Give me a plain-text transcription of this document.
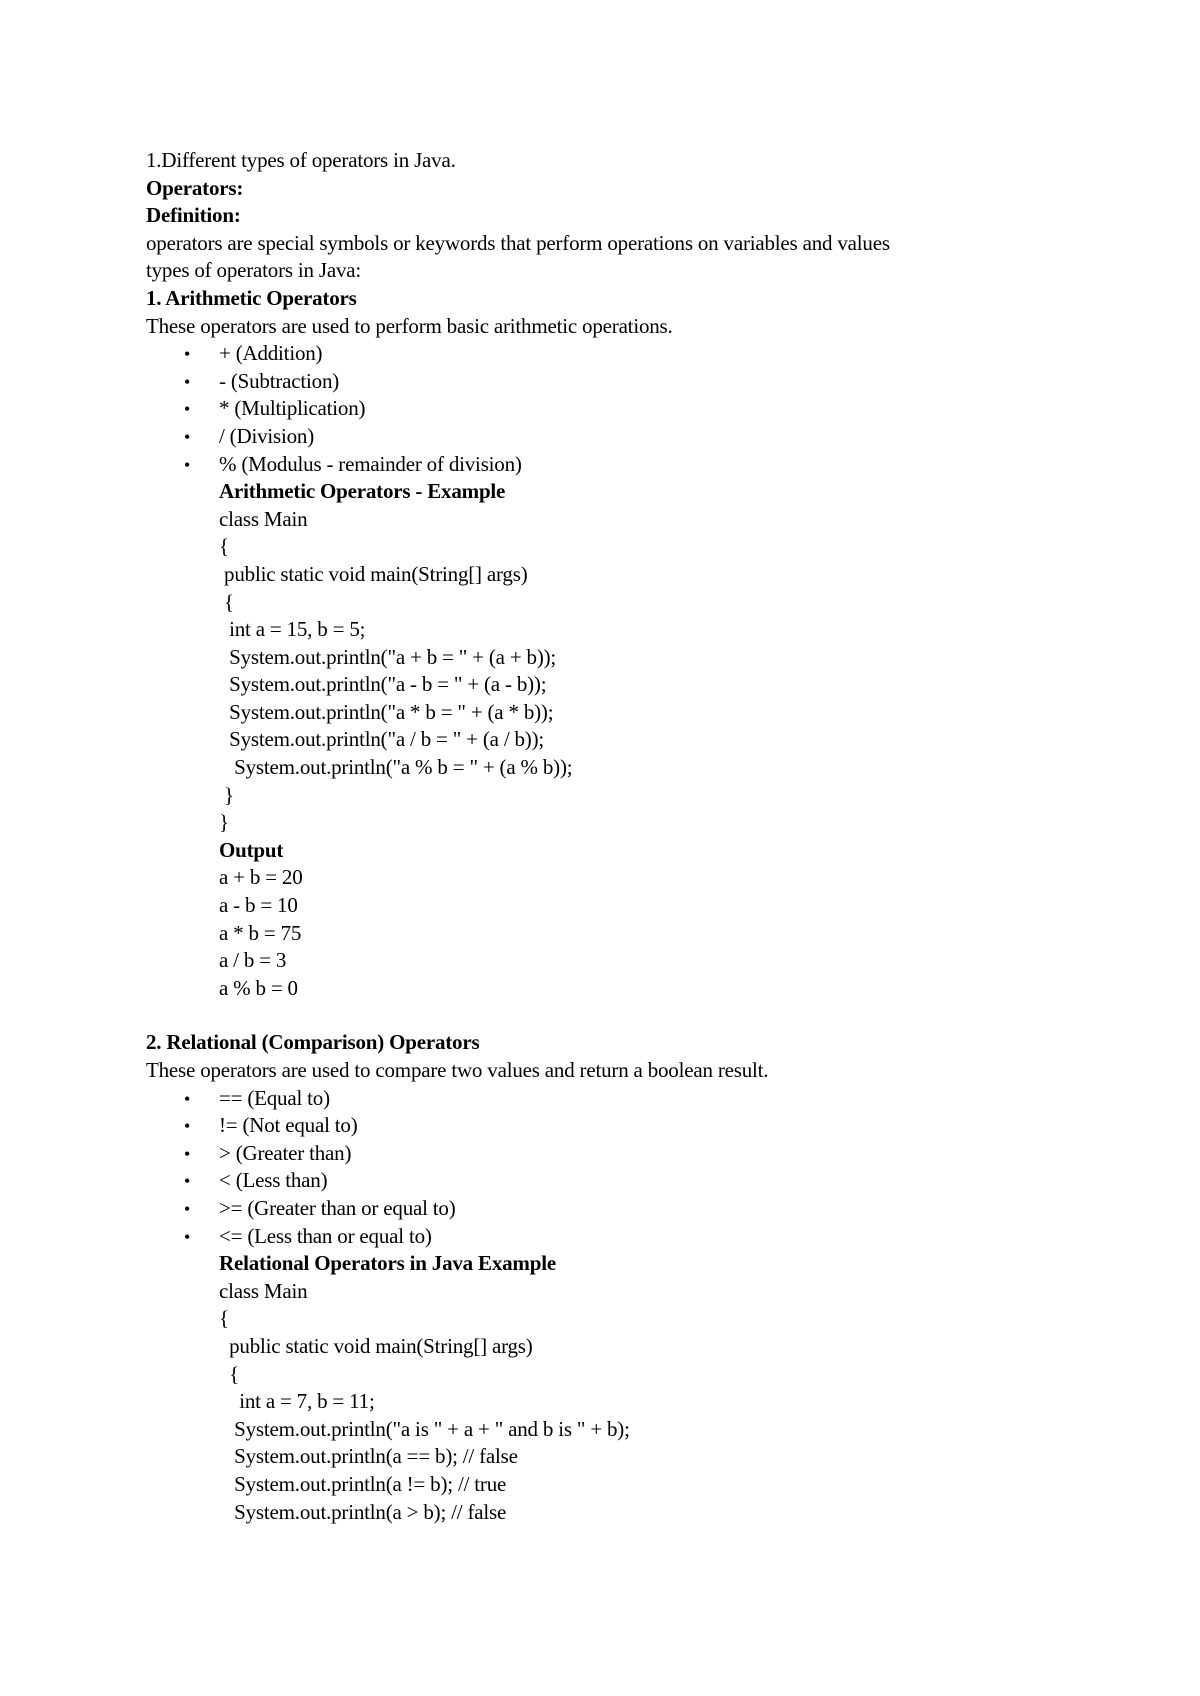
1.Different types of operators in Java.
Operators:
Definition:
operators are special symbols or keywords that perform operations on variables and values
types of operators in Java:
1. Arithmetic Operators
These operators are used to perform basic arithmetic operations.
• + (Addition)
• - (Subtraction)
• * (Multiplication)
• / (Division)
• % (Modulus - remainder of division)
Arithmetic Operators - Example
class Main
{
public static void main(String[] args)
{
int a = 15, b = 5;
System.out.println("a + b = " + (a + b));
System.out.println("a - b = " + (a - b));
System.out.println("a * b = " + (a * b));
System.out.println("a / b = " + (a / b));
System.out.println("a % b = " + (a % b));
}
}
Output
a + b = 20
a - b = 10
a * b = 75
a / b = 3
a % b = 0
2. Relational (Comparison) Operators
These operators are used to compare two values and return a boolean result.
• == (Equal to)
• != (Not equal to)
• > (Greater than)
• < (Less than)
• >= (Greater than or equal to)
• <= (Less than or equal to)
Relational Operators in Java Example
class Main
{
public static void main(String[] args)
{
int a = 7, b = 11;
System.out.println("a is " + a + " and b is " + b);
System.out.println(a == b); // false
System.out.println(a != b); // true
System.out.println(a > b); // false
